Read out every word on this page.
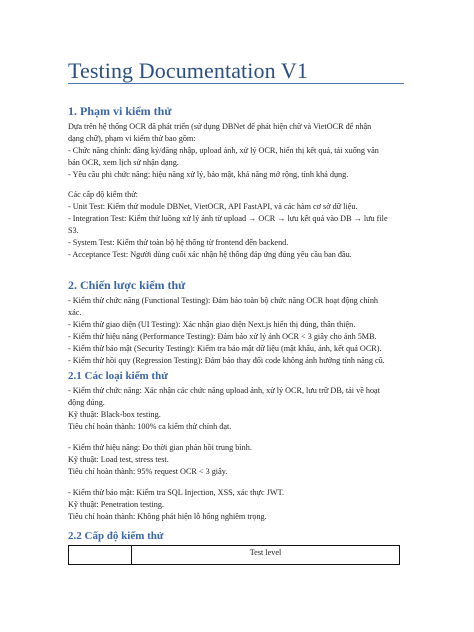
Testing Documentation V1
1. Phạm vi kiểm thử
Dựa trên hệ thống OCR đã phát triển (sử dụng DBNet để phát hiện chữ và VietOCR để nhận
dạng chữ), phạm vi kiểm thử bao gồm:
- Chức năng chính: đăng ký/đăng nhập, upload ảnh, xử lý OCR, hiển thị kết quả, tải xuống văn
bản OCR, xem lịch sử nhận dạng.
- Yêu cầu phi chức năng: hiệu năng xử lý, bảo mật, khả năng mở rộng, tính khả dụng.
Các cấp độ kiểm thử:
- Unit Test: Kiểm thử module DBNet, VietOCR, API FastAPI, và các hàm cơ sở dữ liệu.
- Integration Test: Kiểm thử luồng xử lý ảnh từ upload → OCR → lưu kết quả vào DB → lưu file
S3.
- System Test: Kiểm thử toàn bộ hệ thống từ frontend đến backend.
- Acceptance Test: Người dùng cuối xác nhận hệ thống đáp ứng đúng yêu cầu ban đầu.
2. Chiến lược kiểm thử
- Kiểm thử chức năng (Functional Testing): Đảm bảo toàn bộ chức năng OCR hoạt động chính
xác.
- Kiểm thử giao diện (UI Testing): Xác nhận giao diện Next.js hiển thị đúng, thân thiện.
- Kiểm thử hiệu năng (Performance Testing): Đảm bảo xử lý ảnh OCR < 3 giây cho ảnh 5MB.
- Kiểm thử bảo mật (Security Testing): Kiểm tra bảo mật dữ liệu (mật khẩu, ảnh, kết quả OCR).
- Kiểm thử hồi quy (Regression Testing): Đảm bảo thay đổi code không ảnh hưởng tính năng cũ.
2.1 Các loại kiểm thử
- Kiểm thử chức năng: Xác nhận các chức năng upload ảnh, xử lý OCR, lưu trữ DB, tải về hoạt
động đúng.
Kỹ thuật: Black-box testing.
Tiêu chí hoàn thành: 100% ca kiểm thử chính đạt.
- Kiểm thử hiệu năng: Đo thời gian phản hồi trung bình.
Kỹ thuật: Load test, stress test.
Tiêu chí hoàn thành: 95% request OCR < 3 giây.
- Kiểm thử bảo mật: Kiểm tra SQL Injection, XSS, xác thực JWT.
Kỹ thuật: Penetration testing.
Tiêu chí hoàn thành: Không phát hiện lỗ hổng nghiêm trọng.
2.2 Cấp độ kiểm thử
Test level
